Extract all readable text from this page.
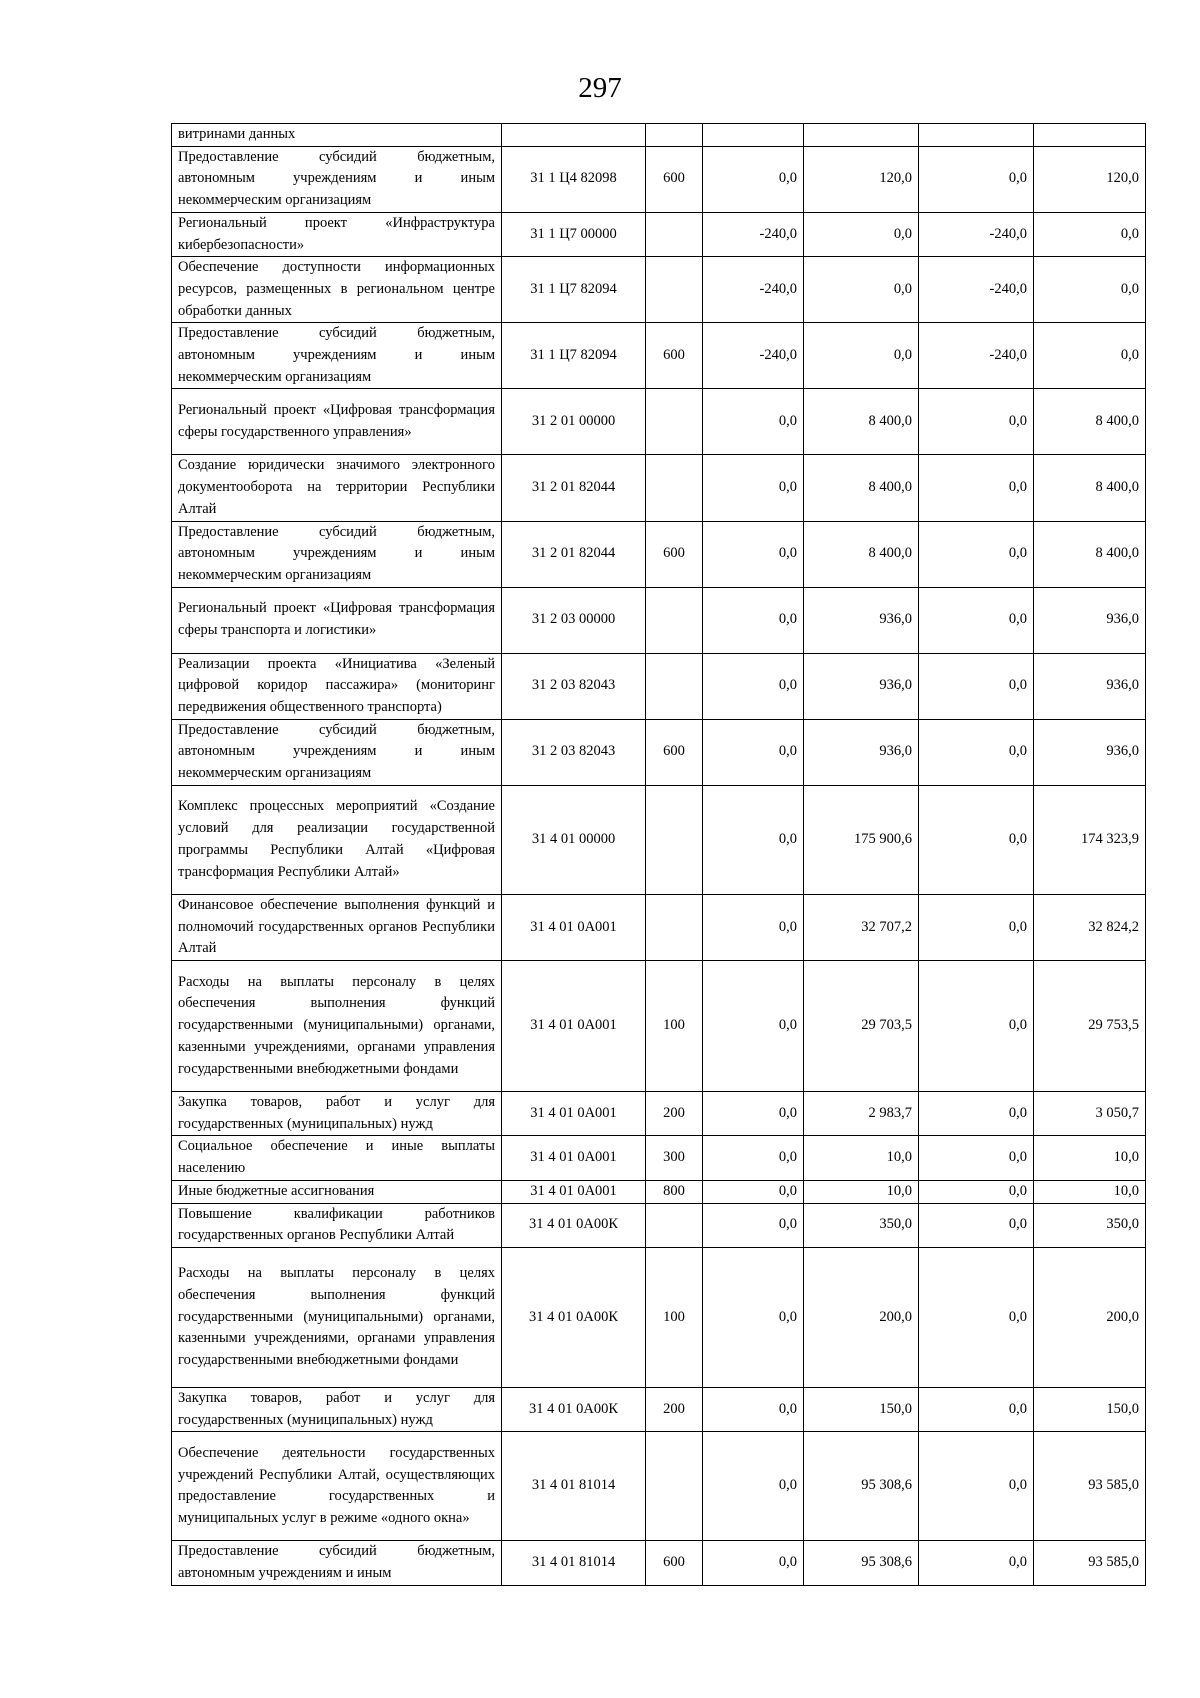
297
витринами данных						
Предоставление субсидий бюджетным, автономным учреждениям и иным некоммерческим организациям	31 1 Ц4 82098	600	0,0	120,0	0,0	120,0
Региональный проект «Инфраструктура кибербезопасности»	31 1 Ц7 00000		-240,0	0,0	-240,0	0,0
Обеспечение доступности информационных ресурсов, размещенных в региональном центре обработки данных	31 1 Ц7 82094		-240,0	0,0	-240,0	0,0
Предоставление субсидий бюджетным, автономным учреждениям и иным некоммерческим организациям	31 1 Ц7 82094	600	-240,0	0,0	-240,0	0,0
Региональный проект «Цифровая трансформация сферы государственного управления»	31 2 01 00000		0,0	8 400,0	0,0	8 400,0
Создание юридически значимого электронного документооборота на территории Республики Алтай	31 2 01 82044		0,0	8 400,0	0,0	8 400,0
Предоставление субсидий бюджетным, автономным учреждениям и иным некоммерческим организациям	31 2 01 82044	600	0,0	8 400,0	0,0	8 400,0
Региональный проект «Цифровая трансформация сферы транспорта и логистики»	31 2 03 00000		0,0	936,0	0,0	936,0
Реализации проекта «Инициатива «Зеленый цифровой коридор пассажира» (мониторинг передвижения общественного транспорта)	31 2 03 82043		0,0	936,0	0,0	936,0
Предоставление субсидий бюджетным, автономным учреждениям и иным некоммерческим организациям	31 2 03 82043	600	0,0	936,0	0,0	936,0
Комплекс процессных мероприятий «Создание условий для реализации государственной программы Республики Алтай «Цифровая трансформация Республики Алтай»	31 4 01 00000		0,0	175 900,6	0,0	174 323,9
Финансовое обеспечение выполнения функций и полномочий государственных органов Республики Алтай	31 4 01 0А001		0,0	32 707,2	0,0	32 824,2
Расходы на выплаты персоналу в целях обеспечения выполнения функций государственными (муниципальными) органами, казенными учреждениями, органами управления государственными внебюджетными фондами	31 4 01 0А001	100	0,0	29 703,5	0,0	29 753,5
Закупка товаров, работ и услуг для государственных (муниципальных) нужд	31 4 01 0А001	200	0,0	2 983,7	0,0	3 050,7
Социальное обеспечение и иные выплаты населению	31 4 01 0А001	300	0,0	10,0	0,0	10,0
Иные бюджетные ассигнования	31 4 01 0А001	800	0,0	10,0	0,0	10,0
Повышение квалификации работников государственных органов Республики Алтай	31 4 01 0А00К		0,0	350,0	0,0	350,0
Расходы на выплаты персоналу в целях обеспечения выполнения функций государственными (муниципальными) органами, казенными учреждениями, органами управления государственными внебюджетными фондами	31 4 01 0А00К	100	0,0	200,0	0,0	200,0
Закупка товаров, работ и услуг для государственных (муниципальных) нужд	31 4 01 0А00К	200	0,0	150,0	0,0	150,0
Обеспечение деятельности государственных учреждений Республики Алтай, осуществляющих предоставление государственных и муниципальных услуг в режиме «одного окна»	31 4 01 81014		0,0	95 308,6	0,0	93 585,0
Предоставление субсидий бюджетным, автономным учреждениям и иным	31 4 01 81014	600	0,0	95 308,6	0,0	93 585,0
